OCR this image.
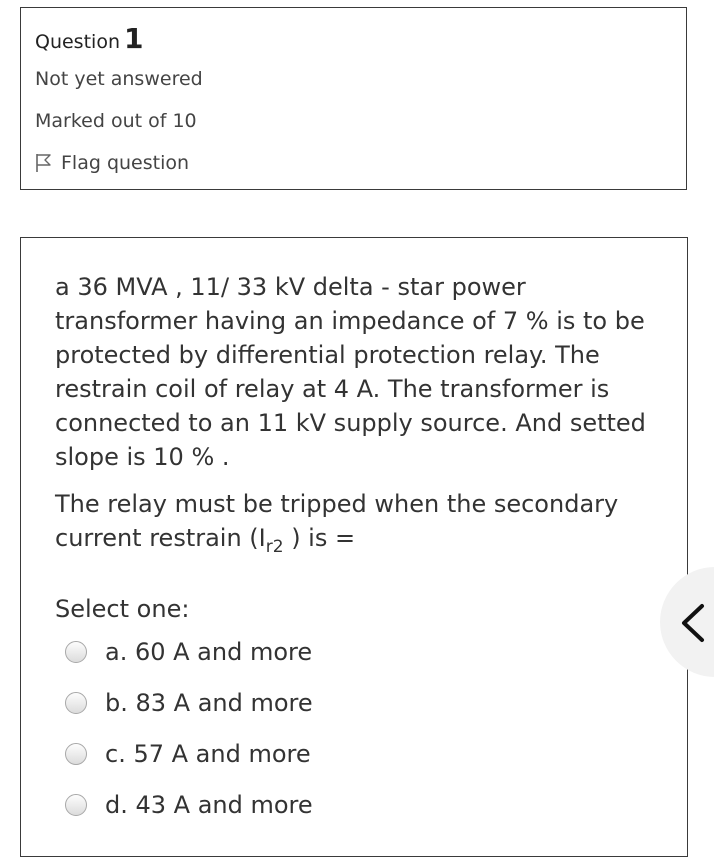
Question 1
Not yet answered
Marked out of 10
Flag question

a 36 MVA , 11/ 33 kV delta - star power transformer having an impedance of 7 % is to be protected by differential protection relay. The restrain coil of relay at 4 A. The transformer is connected to an 11 kV supply source. And setted slope is 10 % .

The relay must be tripped when the secondary current restrain ($I_{r2}$ ) is =

Select one:
a. 60 A and more
b. 83 A and more
c. 57 A and more
d. 43 A and more
